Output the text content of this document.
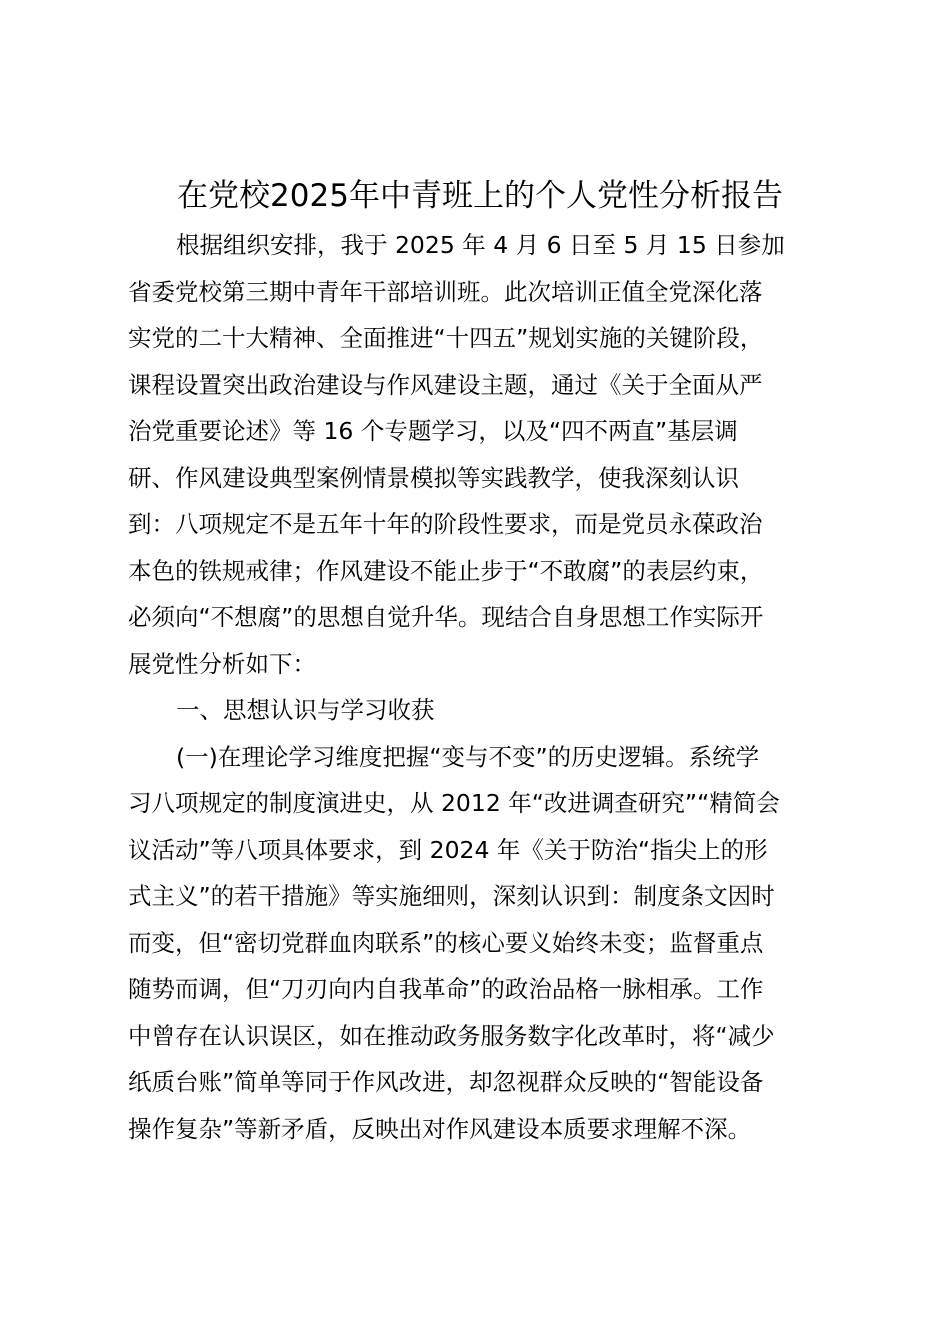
在党校2025年中青班上的个人党性分析报告
根据组织安排，我于 2025 年 4 月 6 日至 5 月 15 日参加
省委党校第三期中青年干部培训班。此次培训正值全党深化落
实党的二十大精神、全面推进“十四五”规划实施的关键阶段，
课程设置突出政治建设与作风建设主题，通过《关于全面从严
治党重要论述》等 16 个专题学习，以及“四不两直”基层调
研、作风建设典型案例情景模拟等实践教学，使我深刻认识
到：八项规定不是五年十年的阶段性要求，而是党员永葆政治
本色的铁规戒律；作风建设不能止步于“不敢腐”的表层约束，
必须向“不想腐”的思想自觉升华。现结合自身思想工作实际开
展党性分析如下：
一、思想认识与学习收获
(一)在理论学习维度把握“变与不变”的历史逻辑。系统学
习八项规定的制度演进史，从 2012 年“改进调查研究”“精简会
议活动”等八项具体要求，到 2024 年《关于防治“指尖上的形
式主义”的若干措施》等实施细则，深刻认识到：制度条文因时
而变，但“密切党群血肉联系”的核心要义始终未变；监督重点
随势而调，但“刀刃向内自我革命”的政治品格一脉相承。工作
中曾存在认识误区，如在推动政务服务数字化改革时，将“减少
纸质台账”简单等同于作风改进，却忽视群众反映的“智能设备
操作复杂”等新矛盾，反映出对作风建设本质要求理解不深。
